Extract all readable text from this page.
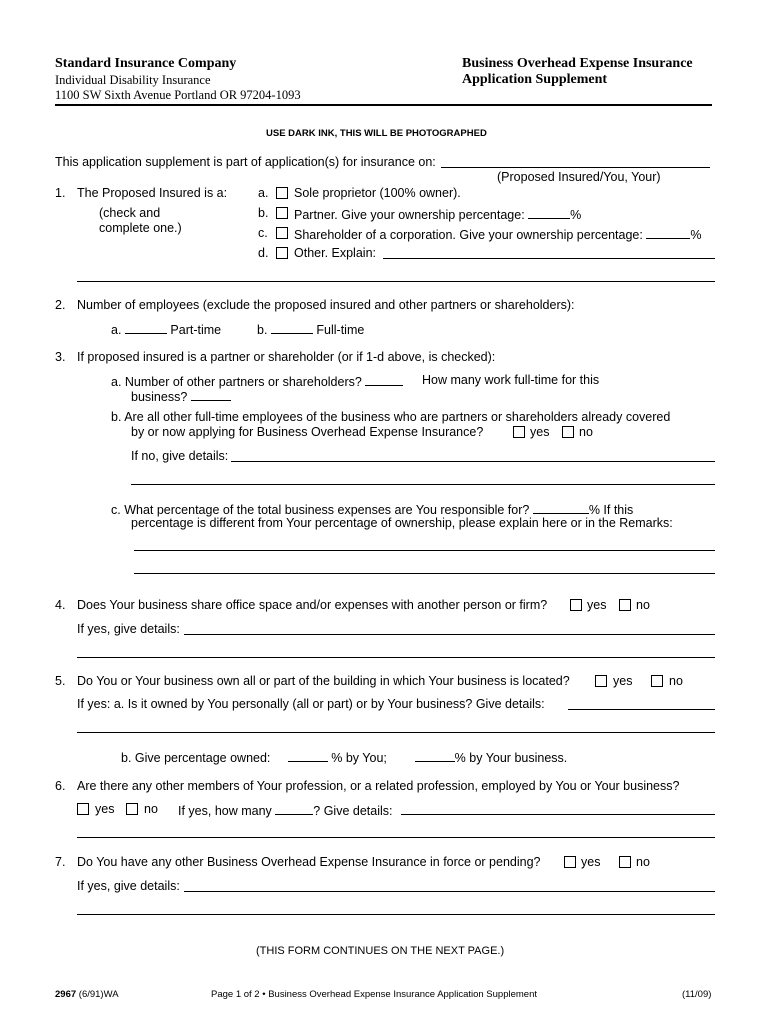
Standard Insurance Company
Individual Disability Insurance
1100 SW Sixth Avenue Portland OR 97204-1093
Business Overhead Expense Insurance
Application Supplement
USE DARK INK, THIS WILL BE PHOTOGRAPHED
This application supplement is part of application(s) for insurance on:
(Proposed Insured/You, Your)
1. The Proposed Insured is a:
(check and
complete one.)
a. Sole proprietor (100% owner).
b. Partner. Give your ownership percentage:	%
c. Shareholder of a corporation. Give your ownership percentage:	%
d. Other. Explain:
2. Number of employees (exclude the proposed insured and other partners or shareholders):
a.	Part-time	b.	Full-time
3. If proposed insured is a partner or shareholder (or if 1-d above, is checked):
a. Number of other partners or shareholders?	How many work full-time for this
business?
b. Are all other full-time employees of the business who are partners or shareholders already covered
by or now applying for Business Overhead Expense Insurance?	yes no
If no, give details:
c. What percentage of the total business expenses are You responsible for?	% If this
percentage is different from Your percentage of ownership, please explain here or in the Remarks:
4. Does Your business share office space and/or expenses with another person or firm?	yes no
If yes, give details:
5. Do You or Your business own all or part of the building in which Your business is located?	yes	no
If yes: a. Is it owned by You personally (all or part) or by Your business? Give details:
b. Give percentage owned:	% by You;	% by Your business.
6. Are there any other members of Your profession, or a related profession, employed by You or Your business?
yes no If yes, how many	? Give details:
7. Do You have any other Business Overhead Expense Insurance in force or pending?	yes	no
If yes, give details:
(THIS FORM CONTINUES ON THE NEXT PAGE.)
2967 (6/91)WA	Page 1 of 2 • Business Overhead Expense Insurance Application Supplement	(11/09)
